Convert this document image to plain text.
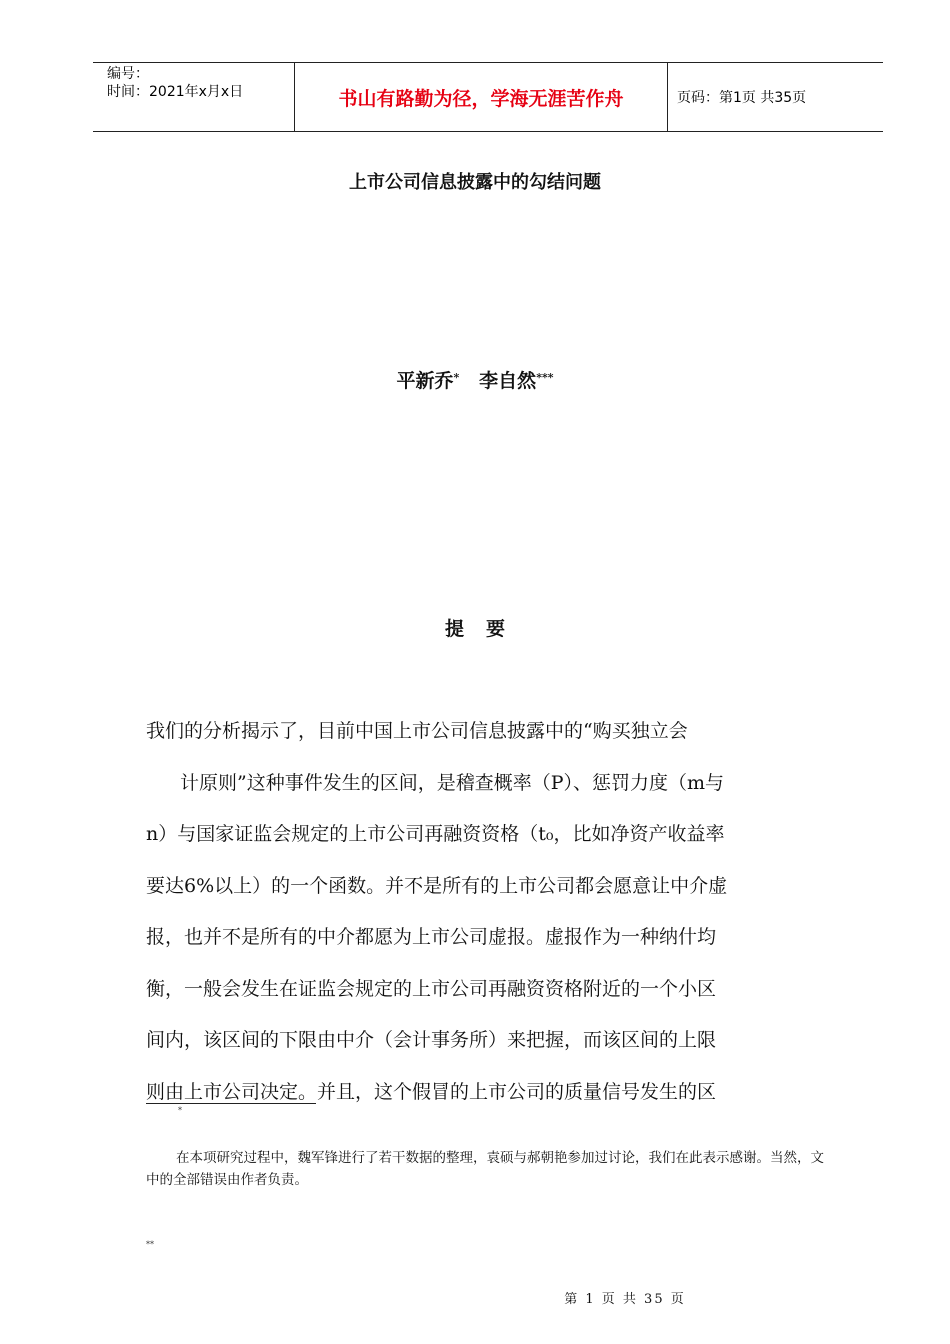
编号：
时间：2021年x月x日	书山有路勤为径，学海无涯苦作舟	页码：第1页 共35页
上市公司信息披露中的勾结问题
平新乔* 李自然***
提要
我们的分析揭示了，目前中国上市公司信息披露中的“购买独立会
计原则”这种事件发生的区间，是稽查概率（P）、惩罚力度（m与
n）与国家证监会规定的上市公司再融资资格（t₀，比如净资产收益率
要达6%以上）的一个函数。并不是所有的上市公司都会愿意让中介虚
报，也并不是所有的中介都愿为上市公司虚报。虚报作为一种纳什均
衡，一般会发生在证监会规定的上市公司再融资资格附近的一个小区
间内，该区间的下限由中介（会计事务所）来把握，而该区间的上限
则由上市公司决定。并且，这个假冒的上市公司的质量信号发生的区
*
在本项研究过程中，魏军锋进行了若干数据的整理，袁硕与郝朝艳参加过讨论，我们在此表示感谢。当然，文中的全部错误由作者负责。
**
第 1 页 共 35 页
